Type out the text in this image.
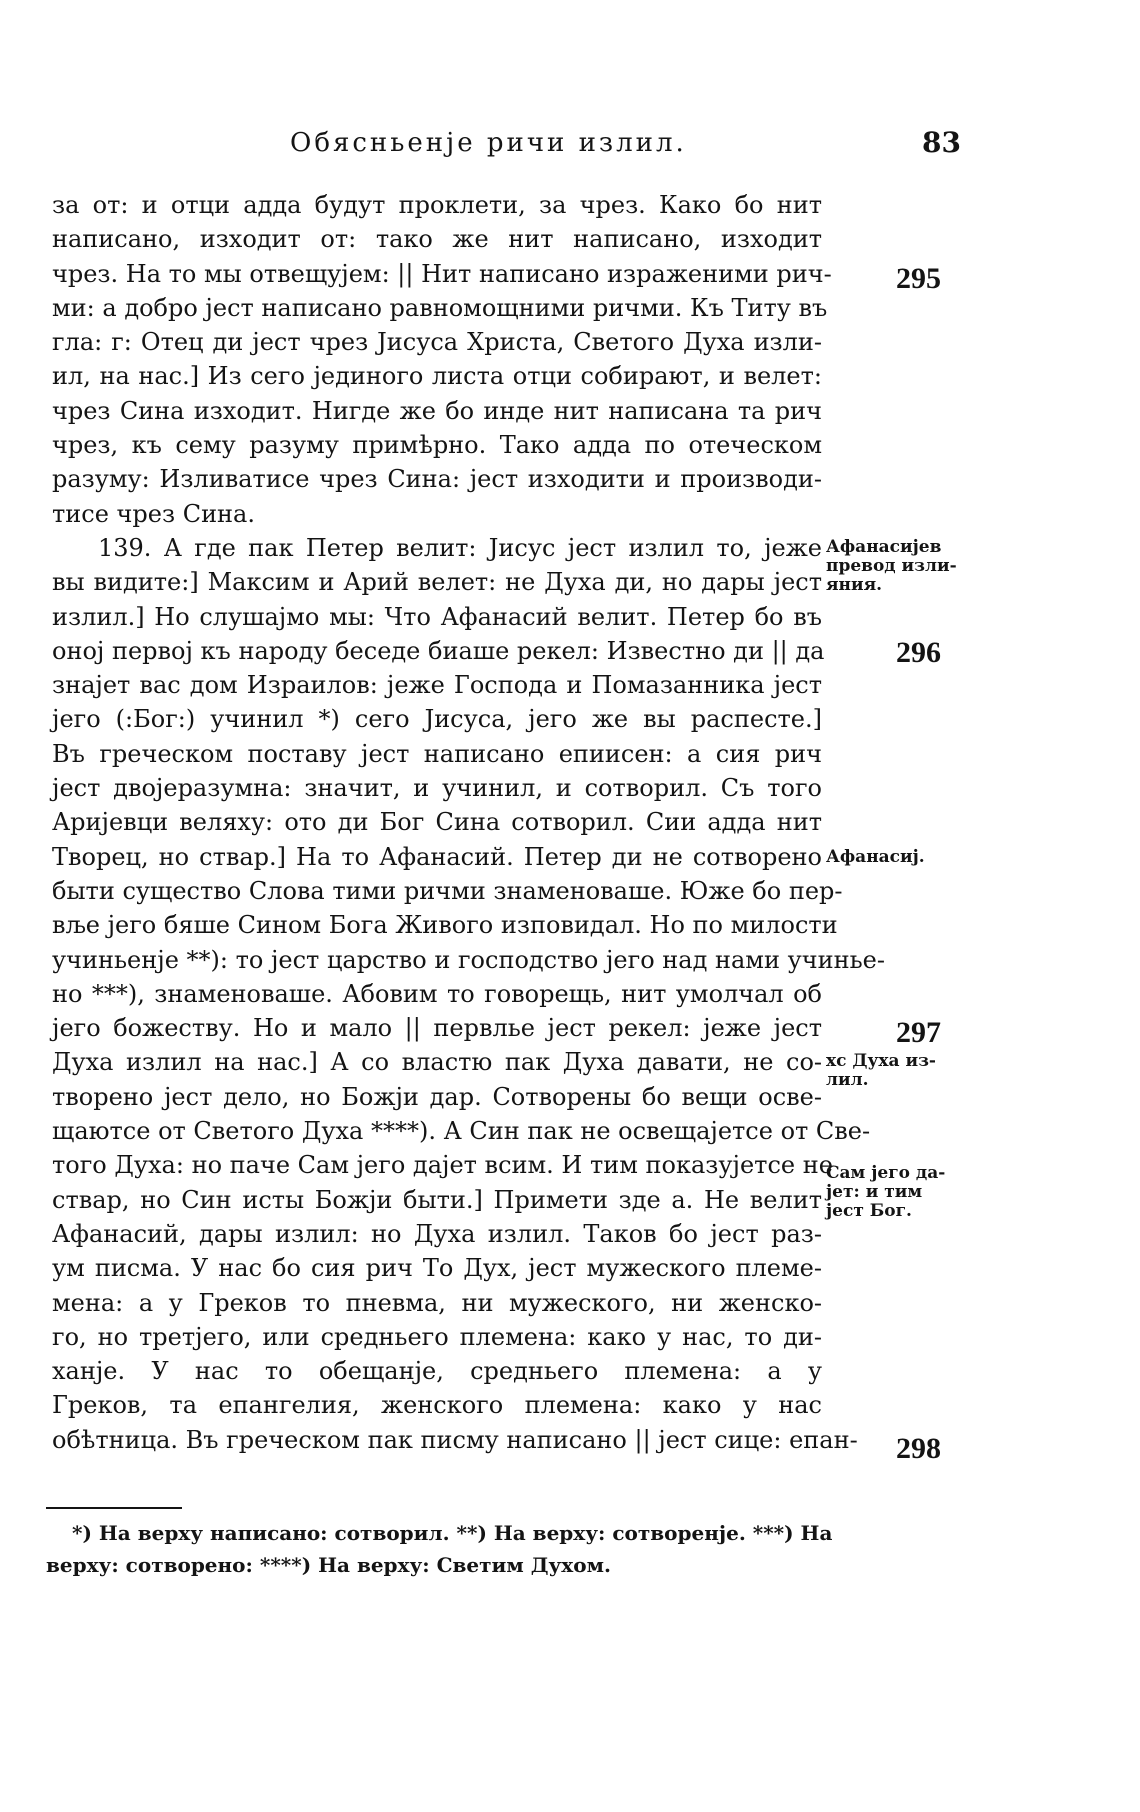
Обясньенје ричи излил.	83
за от: и отци адда будут проклети, за чрез. Како бо нит
написано, изходит от: тако же нит написано, изходит
чрез. На то мы отвещујем: || Нит написано израженими рич-
ми: а добро јест написано равномощними ричми. Къ Титу въ
гла: г: Отец ди јест чрез Јисуса Христа, Светого Духа изли-
ил, на нас.] Из сего јединого листа отци собирают, и велет:
чрез Сина изходит. Нигде же бо инде нит написана та рич
чрез, къ сему разуму примѣрно. Тако адда по отеческом
разуму: Изливатисе чрез Сина: јест изходити и производи-
тисе чрез Сина.
139. А где пак Петер велит: Јисус јест излил то, јеже
вы видите:] Максим и Арий велет: не Духа ди, но дары јест
излил.] Но слушајмо мы: Что Афанасий велит. Петер бо въ
оној первој къ народу беседе биаше рекел: Известно ди || да
знајет вас дом Израилов: јеже Господа и Помазанника јест
јего (:Бог:) учинил *) сего Јисуса, јего же вы распесте.]
Въ греческом поставу јест написано епиисен: а сия рич
јест двојеразумна: значит, и учинил, и сотворил. Съ того
Аријевци веляху: ото ди Бог Сина сотворил. Сии адда нит
Творец, но ствар.] На то Афанасий. Петер ди не сотворено
быти существо Слова тими ричми знаменоваше. Юже бо пер-
вље јего бяше Сином Бога Живого изповидал. Но по милости
учиньенје **): то јест царство и господство јего над нами учинье-
но ***), знаменоваше. Абовим то говорещь, нит умолчал об
јего божеству. Но и мало || первлье јест рекел: јеже јест
Духа излил на нас.] А со властю пак Духа давати, не со-
творено јест дело, но Божји дар. Сотворены бо вещи осве-
щаютсе от Светого Духа ****). А Син пак не освещајетсе от Све-
того Духа: но паче Сам јего дајет всим. И тим показујетсе не
ствар, но Син исты Божји быти.] Примети зде а. Не велит
Афанасий, дары излил: но Духа излил. Таков бо јест раз-
ум писма. У нас бо сия рич То Дух, јест мужеского племе-
мена: а у Греков то пневма, ни мужеского, ни женско-
го, но третјего, или средньего племена: како у нас, то ди-
ханје. У нас то обещанје, средньего племена: а у
Греков, та епангелия, женского племена: како у нас
обѣтница. Въ греческом пак писму написано || јест сице: епан-
295
296
297
298
Афанасијев
превод изли-
яния.
Афанасиј.
хс Духа из-
лил.
Сам јего да-
јет: и тим
јест Бог.
*) На верху написано: сотворил. **) На верху: сотворенје. ***) На
верху: сотворено: ****) На верху: Светим Духом.
